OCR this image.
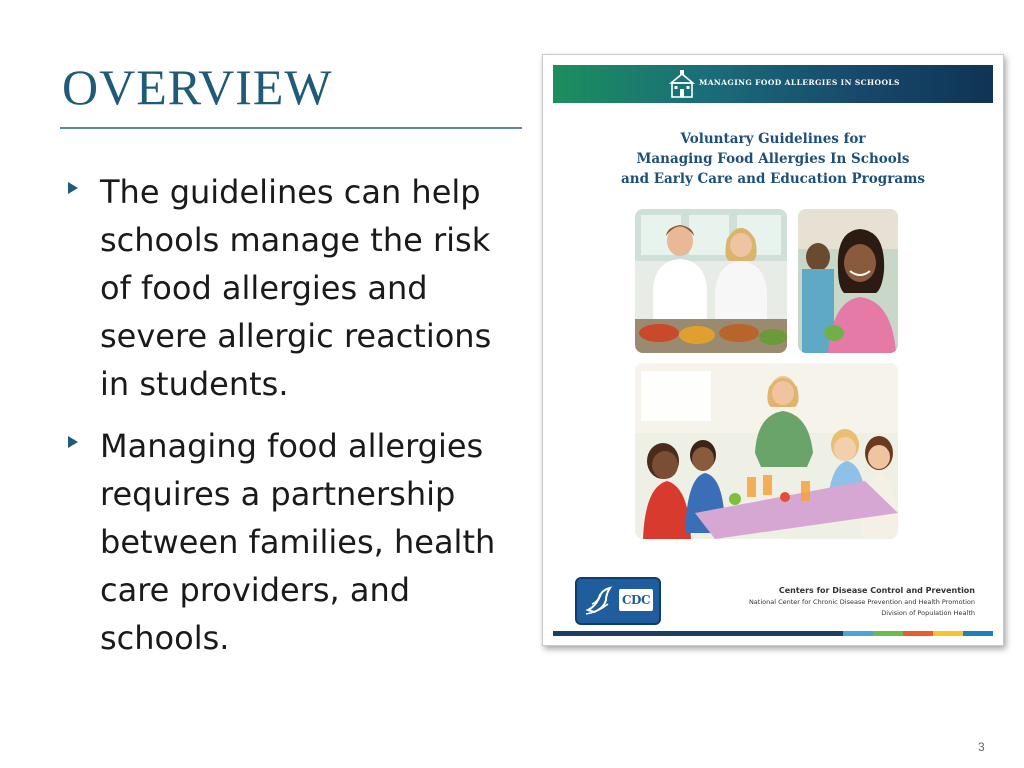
OVERVIEW
The guidelines can help schools manage the risk of food allergies and severe allergic reactions in students.
Managing food allergies requires a partnership between families, health care providers, and schools.
MANAGING FOOD ALLERGIES IN SCHOOLS
Voluntary Guidelines for
Managing Food Allergies In Schools
and Early Care and Education Programs
CDC
Centers for Disease Control and Prevention
National Center for Chronic Disease Prevention and Health Promotion
Division of Population Health
3
